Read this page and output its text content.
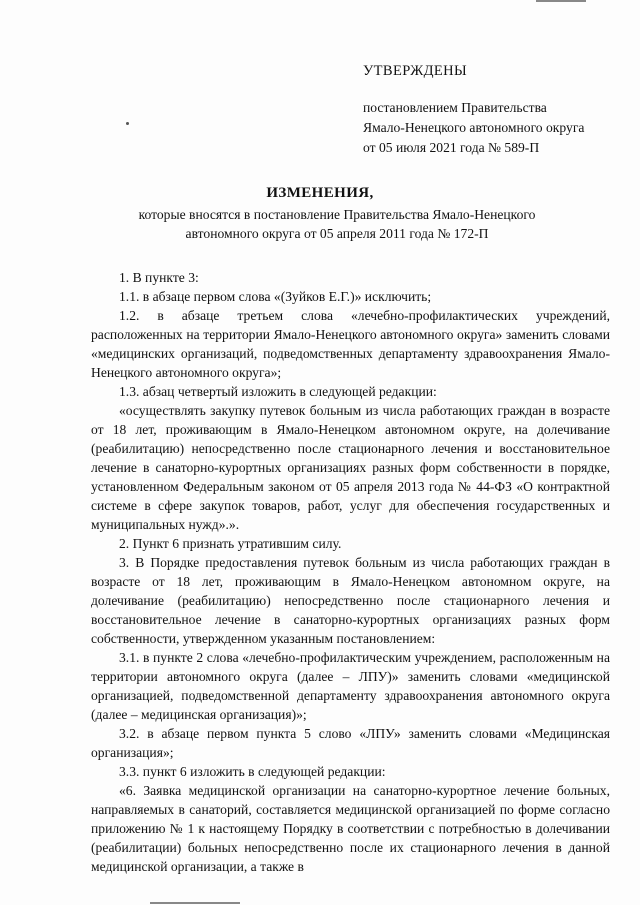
УТВЕРЖДЕНЫ
постановлением Правительства
Ямало-Ненецкого автономного округа
от 05 июля 2021 года № 589-П
ИЗМЕНЕНИЯ,
которые вносятся в постановление Правительства Ямало-Ненецкого
автономного округа от 05 апреля 2011 года № 172-П
1. В пункте 3:
1.1. в абзаце первом слова «(Зуйков Е.Г.)» исключить;
1.2. в абзаце третьем слова «лечебно-профилактических учреждений, расположенных на территории Ямало-Ненецкого автономного округа» заменить словами «медицинских организаций, подведомственных департаменту здравоохранения Ямало-Ненецкого автономного округа»;
1.3. абзац четвертый изложить в следующей редакции:
«осуществлять закупку путевок больным из числа работающих граждан в возрасте от 18 лет, проживающим в Ямало-Ненецком автономном округе, на долечивание (реабилитацию) непосредственно после стационарного лечения и восстановительное лечение в санаторно-курортных организациях разных форм собственности в порядке, установленном Федеральным законом от 05 апреля 2013 года № 44-ФЗ «О контрактной системе в сфере закупок товаров, работ, услуг для обеспечения государственных и муниципальных нужд».».
2. Пункт 6 признать утратившим силу.
3. В Порядке предоставления путевок больным из числа работающих граждан в возрасте от 18 лет, проживающим в Ямало-Ненецком автономном округе, на долечивание (реабилитацию) непосредственно после стационарного лечения и восстановительное лечение в санаторно-курортных организациях разных форм собственности, утвержденном указанным постановлением:
3.1. в пункте 2 слова «лечебно-профилактическим учреждением, расположенным на территории автономного округа (далее – ЛПУ)» заменить словами «медицинской организацией, подведомственной департаменту здравоохранения автономного округа (далее – медицинская организация)»;
3.2. в абзаце первом пункта 5 слово «ЛПУ» заменить словами «Медицинская организация»;
3.3. пункт 6 изложить в следующей редакции:
«6. Заявка медицинской организации на санаторно-курортное лечение больных, направляемых в санаторий, составляется медицинской организацией по форме согласно приложению № 1 к настоящему Порядку в соответствии с потребностью в долечивании (реабилитации) больных непосредственно после их стационарного лечения в данной медицинской организации, а также в
